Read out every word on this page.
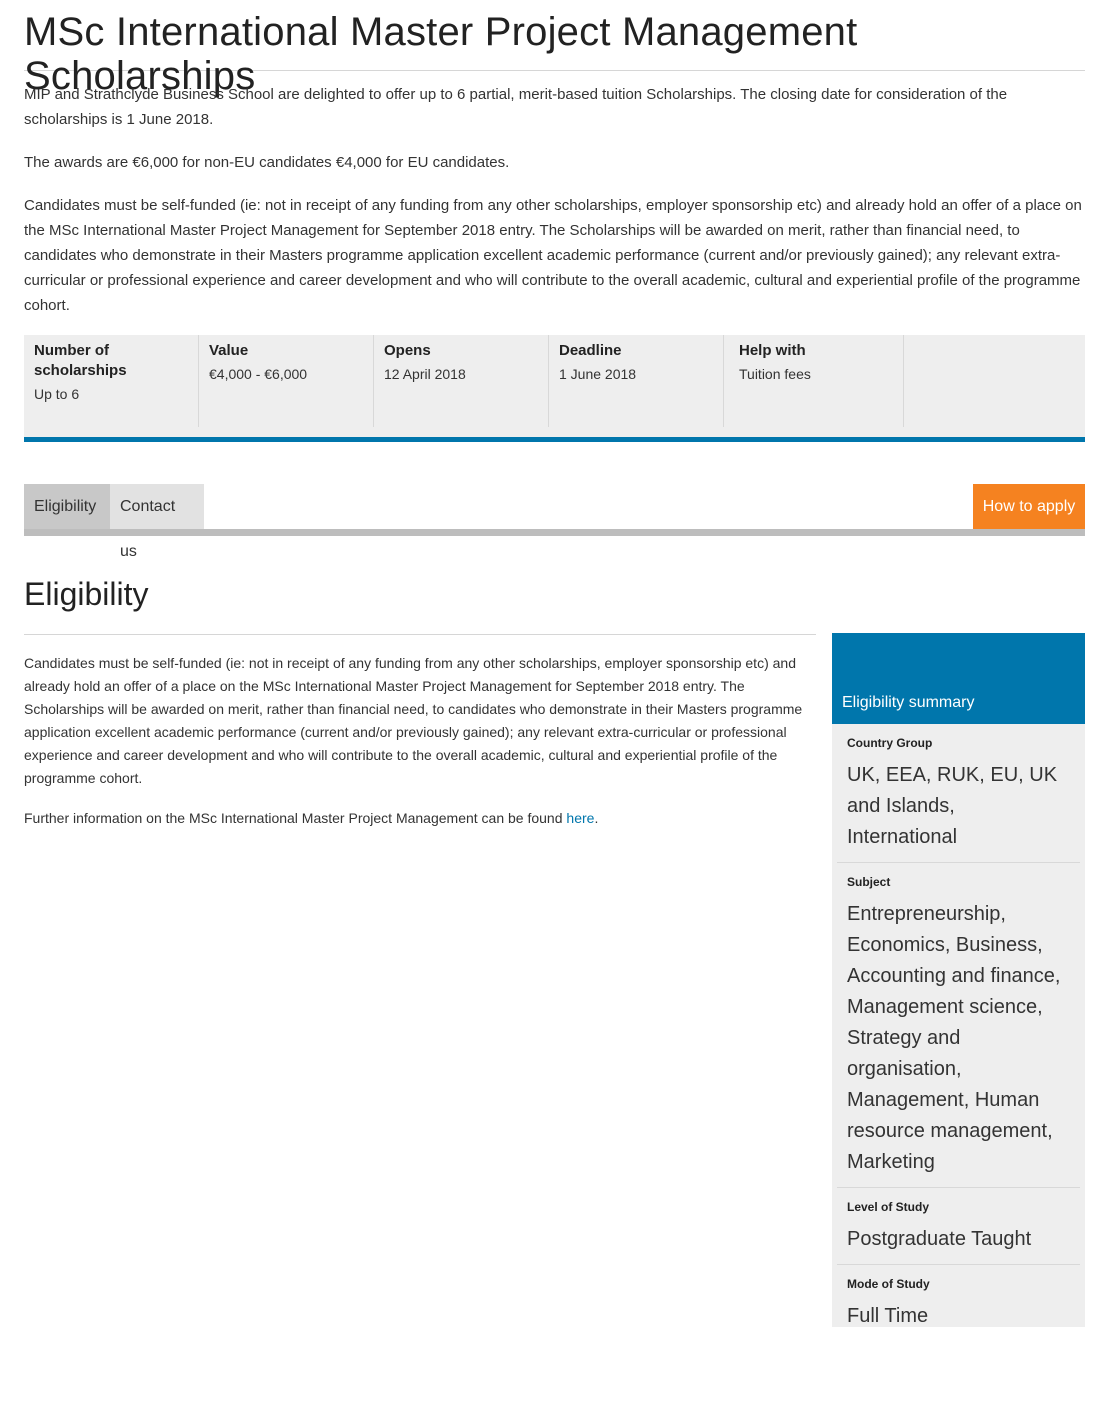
MSc International Master Project Management Scholarships

MIP and Strathclyde Business School are delighted to offer up to 6 partial, merit-based tuition Scholarships. The closing date for consideration of the scholarships is 1 June 2018.

The awards are €6,000 for non-EU candidates €4,000 for EU candidates.

Candidates must be self-funded (ie: not in receipt of any funding from any other scholarships, employer sponsorship etc) and already hold an offer of a place on the MSc International Master Project Management for September 2018 entry. The Scholarships will be awarded on merit, rather than financial need, to candidates who demonstrate in their Masters programme application excellent academic performance (current and/or previously gained); any relevant extra-curricular or professional experience and career development and who will contribute to the overall academic, cultural and experiential profile of the programme cohort.

Number of scholarships
Up to 6
Value
€4,000 - €6,000
Opens
12 April 2018
Deadline
1 June 2018
Help with
Tuition fees
Eligibility	Contact us
How to apply
Eligibility

Candidates must be self-funded (ie: not in receipt of any funding from any other scholarships, employer sponsorship etc) and already hold an offer of a place on the MSc International Master Project Management for September 2018 entry. The Scholarships will be awarded on merit, rather than financial need, to candidates who demonstrate in their Masters programme application excellent academic performance (current and/or previously gained); any relevant extra-curricular or professional experience and career development and who will contribute to the overall academic, cultural and experiential profile of the programme cohort.

Further information on the MSc International Master Project Management can be found here.

Eligibility summary
Country Group
UK, EEA, RUK, EU, UK and Islands, International
Subject
Entrepreneurship, Economics, Business, Accounting and finance, Management science, Strategy and organisation, Management, Human resource management, Marketing
Level of Study
Postgraduate Taught
Mode of Study
Full Time
